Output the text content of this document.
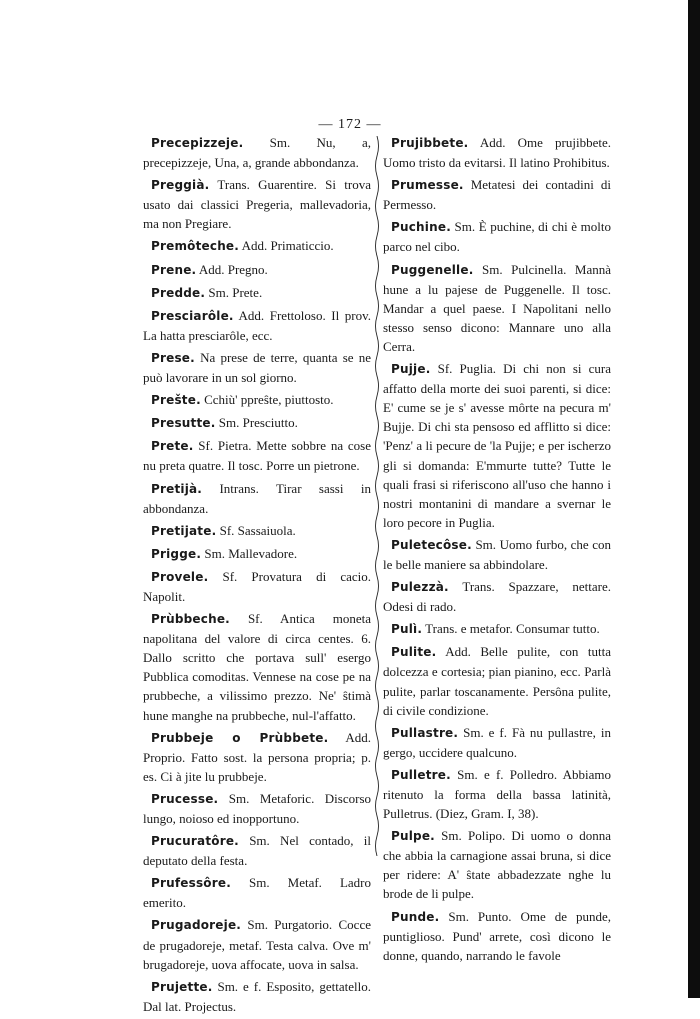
— 172 —

Precepizzeje. Sm. Nu, a, precepizzeje, Una, a, grande abbondanza.

Preggià. Trans. Guarentire. Si trova usato dai classici Pregeria, mallevadoria, ma non Pregiare.

Premôteche. Add. Primaticcio.

Prene. Add. Pregno.

Predde. Sm. Prete.

Presciarôle. Add. Frettoloso. Il prov. La hatta presciarôle, ecc.

Prese. Na prese de terre, quanta se ne può lavorare in un sol giorno.

Prešte. Cchiù' ppreŝte, piuttosto.

Presutte. Sm. Presciutto.

Prete. Sf. Pietra. Mette sobbre na cose nu preta quatre. Il tosc. Porre un pietrone.

Pretijà. Intrans. Tirar sassi in abbondanza.

Pretijate. Sf. Sassaiuola.

Prigge. Sm. Mallevadore.

Provele. Sf. Provatura di cacio. Napolit.

Prùbbeche. Sf. Antica moneta napolitana del valore di circa centes. 6. Dallo scritto che portava sull' esergo Pubblica comoditas. Vennese na cose pe na prubbeche, a vilissimo prezzo. Ne' ŝtimà hune manghe na prubbeche, nul-l'affatto.

Prubbeje o Prùbbete. Add. Proprio. Fatto sost. la persona propria; p. es. Ci à jite lu prubbeje.

Prucesse. Sm. Metaforic. Discorso lungo, noioso ed inopportuno.

Prucuratôre. Sm. Nel contado, il deputato della festa.

Prufessôre. Sm. Metaf. Ladro emerito.

Prugadoreje. Sm. Purgatorio. Cocce de prugadoreje, metaf. Testa calva. Ove m' brugadoreje, uova affocate, uova in salsa.

Prujette. Sm. e f. Esposito, gettatello. Dal lat. Projectus.

Prujibbete. Add. Ome prujibbete. Uomo tristo da evitarsi. Il latino Prohibitus.

Prumesse. Metatesi dei contadini di Permesso.

Puchine. Sm. È puchine, di chi è molto parco nel cibo.

Puggenelle. Sm. Pulcinella. Mannà hune a lu pajese de Puggenelle. Il tosc. Mandar a quel paese. I Napolitani nello stesso senso dicono: Mannare uno alla Cerra.

Pujje. Sf. Puglia. Di chi non si cura affatto della morte dei suoi parenti, si dice: E' cume se je s' avesse môrte na pecura m' Bujje. Di chi sta pensoso ed afflitto si dice: 'Penz' a li pecure de 'la Pujje; e per ischerzo gli si domanda: E'mmurte tutte? Tutte le quali frasi si riferiscono all'uso che hanno i nostri montanini di mandare a svernar le loro pecore in Puglia.

Puletecôse. Sm. Uomo furbo, che con le belle maniere sa abbindolare.

Pulezzà. Trans. Spazzare, nettare. Odesi di rado.

Pulì. Trans. e metafor. Consumar tutto.

Pulite. Add. Belle pulite, con tutta dolcezza e cortesia; pian pianino, ecc. Parlà pulite, parlar toscanamente. Persôna pulite, di civile condizione.

Pullastre. Sm. e f. Fà nu pullastre, in gergo, uccidere qualcuno.

Pulletre. Sm. e f. Polledro. Abbiamo ritenuto la forma della bassa latinità, Pulletrus. (Diez, Gram. I, 38).

Pulpe. Sm. Polipo. Di uomo o donna che abbia la carnagione assai bruna, si dice per ridere: A' ŝtate abbadezzate nghe lu brode de li pulpe.

Punde. Sm. Punto. Ome de punde, puntiglioso. Pund' arrete, così dicono le donne, quando, narrando le favole
